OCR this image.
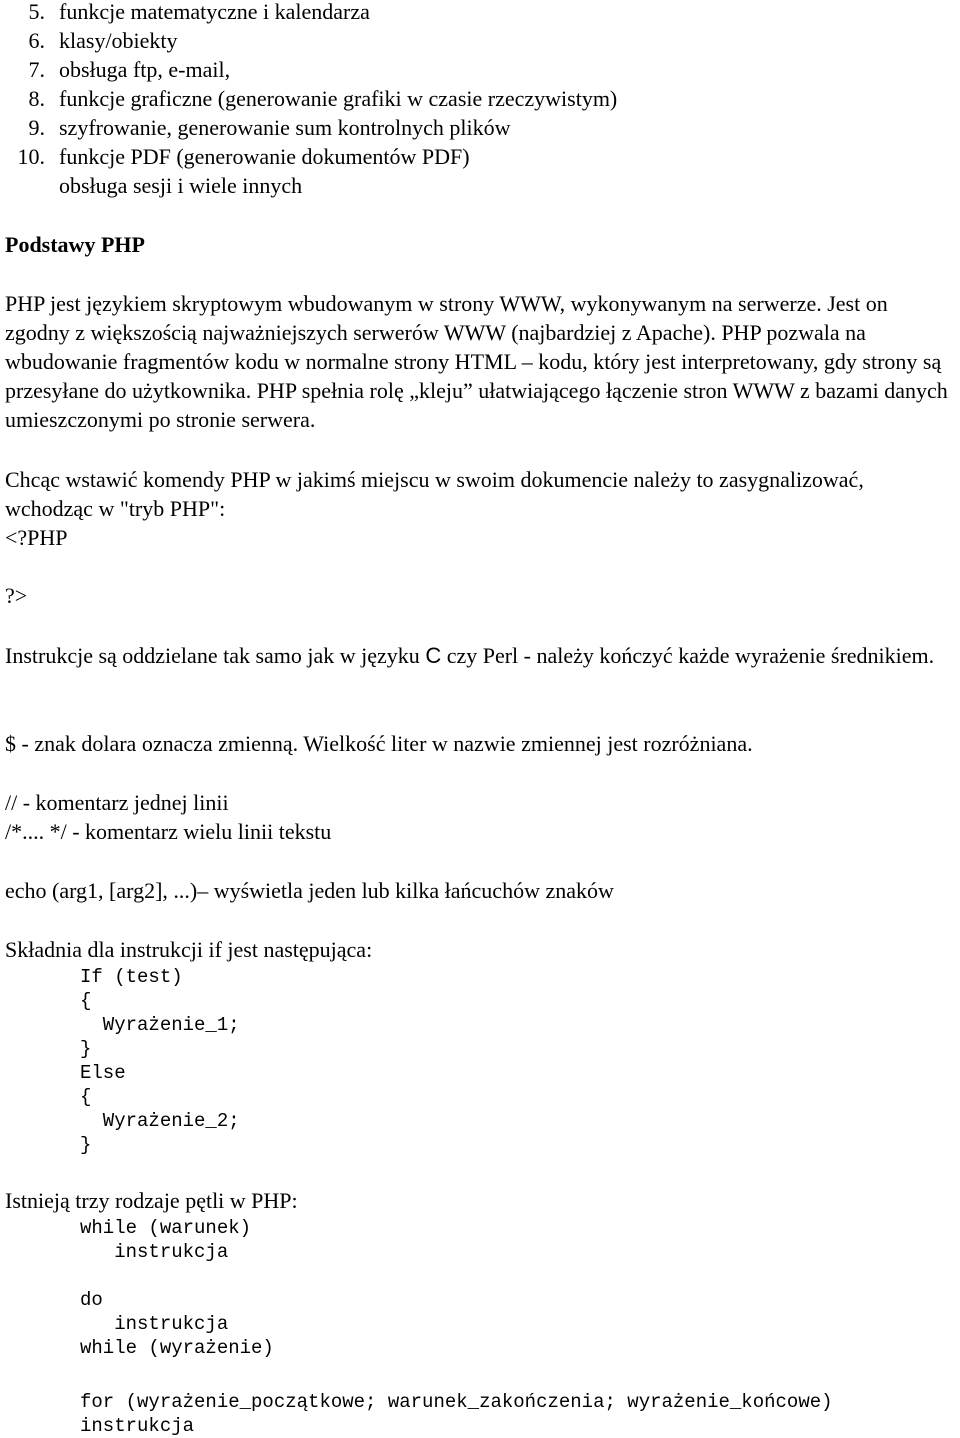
5. funkcje matematyczne i kalendarza
6. klasy/obiekty
7. obsługa ftp, e-mail,
8. funkcje graficzne (generowanie grafiki w czasie rzeczywistym)
9. szyfrowanie, generowanie sum kontrolnych plików
10. funkcje PDF (generowanie dokumentów PDF)
obsługa sesji i wiele innych
Podstawy PHP
PHP jest językiem skryptowym wbudowanym w strony WWW, wykonywanym na serwerze. Jest on zgodny z większością najważniejszych serwerów WWW (najbardziej z Apache). PHP pozwala na wbudowanie fragmentów kodu w normalne strony HTML – kodu, który jest interpretowany, gdy strony są przesyłane do użytkownika. PHP spełnia rolę „kleju” ułatwiającego łączenie stron WWW z bazami danych umieszczonymi po stronie serwera.
Chcąc wstawić komendy PHP w jakimś miejscu w swoim dokumencie należy to zasygnalizować, wchodząc w "tryb PHP":
<?PHP
?>
Instrukcje są oddzielane tak samo jak w języku C czy Perl - należy kończyć każde wyrażenie średnikiem.
$ - znak dolara oznacza zmienną. Wielkość liter w nazwie zmiennej jest rozróżniana.
// - komentarz jednej linii
/*.... */ - komentarz wielu linii tekstu
echo (arg1, [arg2], ...)– wyświetla jeden lub kilka łańcuchów znaków
Składnia dla instrukcji if jest następująca:
If (test)
{
Wyrażenie_1;
}
Else
{
Wyrażenie_2;
}
Istnieją trzy rodzaje pętli w PHP:
while (warunek)
instrukcja
do
instrukcja
while (wyrażenie)
for (wyrażenie_początkowe; warunek_zakończenia; wyrażenie_końcowe)
instrukcja
